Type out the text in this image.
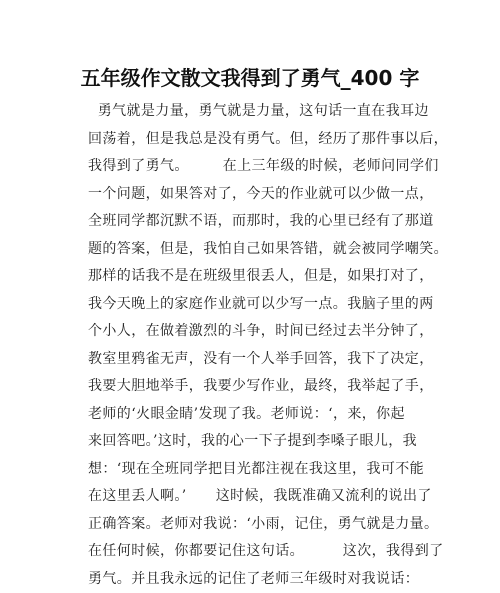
五年级作文散文我得到了勇气_400 字
勇气就是力量，勇气就是力量，这句话一直在我耳边
回荡着，但是我总是没有勇气。但，经历了那件事以后，
我得到了勇气。       在上三年级的时候，老师问同学们
一个问题，如果答对了，今天的作业就可以少做一点，
全班同学都沉默不语，而那时，我的心里已经有了那道
题的答案，但是，我怕自己如果答错，就会被同学嘲笑。
那样的话我不是在班级里很丢人，但是，如果打对了，
我今天晚上的家庭作业就可以少写一点。我脑子里的两
个小人，在做着激烈的斗争，时间已经过去半分钟了，
教室里鸦雀无声，没有一个人举手回答，我下了决定，
我要大胆地举手，我要少写作业，最终，我举起了手，
老师的‘火眼金睛’发现了我。老师说：‘，来，你起
来回答吧。’这时，我的心一下子提到李嗓子眼儿，我
想：‘现在全班同学把目光都注视在我这里，我可不能
在这里丢人啊。’      这时候，我既准确又流利的说出了
正确答案。老师对我说：‘小雨，记住，勇气就是力量。
在任何时候，你都要记住这句话。        这次，我得到了
勇气。并且我永远的记住了老师三年级时对我说话：
